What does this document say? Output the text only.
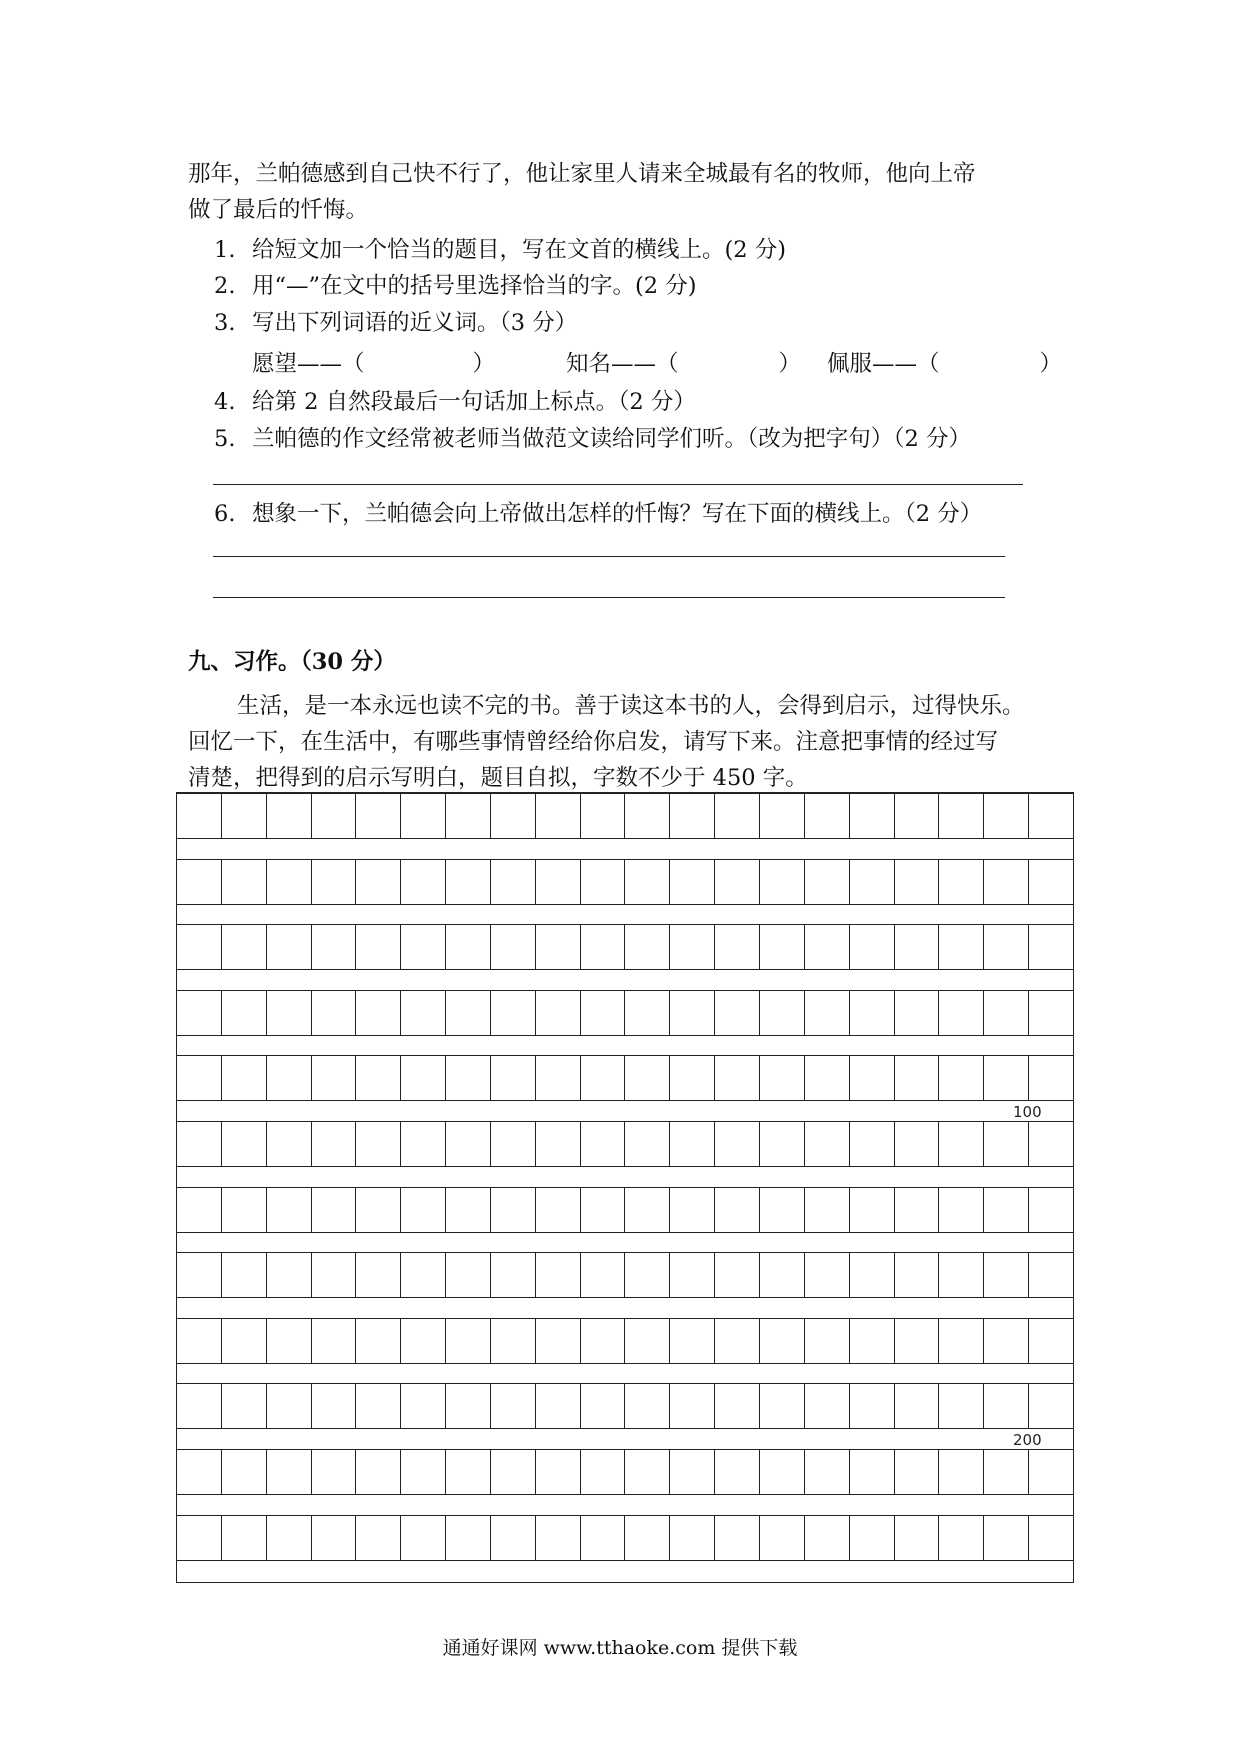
那年，兰帕德感到自己快不行了，他让家里人请来全城最有名的牧师，他向上帝
做了最后的忏悔。
1. 给短文加一个恰当的题目，写在文首的横线上。(2 分)
2. 用“—”在文中的括号里选择恰当的字。(2 分)
3. 写出下列词语的近义词。（3 分）
愿望——（	）	知名——（	） 佩服——（	）
4. 给第 2 自然段最后一句话加上标点。（2 分）
5. 兰帕德的作文经常被老师当做范文读给同学们听。（改为把字句）（2 分）
6. 想象一下，兰帕德会向上帝做出怎样的忏悔？写在下面的横线上。（2 分）
九、习作。（30 分）
生活，是一本永远也读不完的书。善于读这本书的人，会得到启示，过得快乐。
回忆一下，在生活中，有哪些事情曾经给你启发，请写下来。注意把事情的经过写
清楚，把得到的启示写明白，题目自拟，字数不少于 450 字。
100
200
通通好课网 www.tthaoke.com 提供下载
